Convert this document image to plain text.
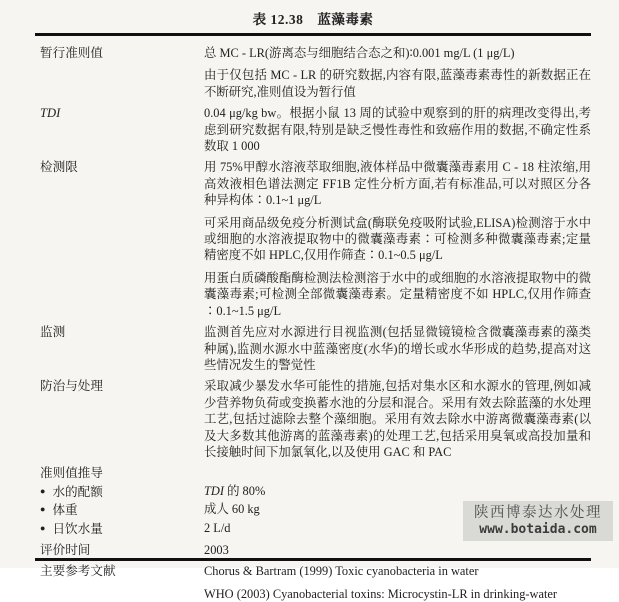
表 12.38　蓝藻毒素
暂行准则值	总 MC - LR(游离态与细胞结合态之和)∶0.001 mg/L (1 μg/L)

由于仅包括 MC - LR 的研究数据,内容有限,蓝藻毒素毒性的新数据正在不断研究,准则值设为暂行值

TDI	0.04 μg/kg bw。根据小鼠 13 周的试验中观察到的肝的病理改变得出,考虑到研究数据有限,特别是缺乏慢性毒性和致癌作用的数据,不确定性系数取 1 000

检测限	用 75%甲醇水溶液萃取细胞,液体样品中微囊藻毒素用 C - 18 柱浓缩,用高效液相色谱法测定 FF1B 定性分析方面,若有标准品,可以对照区分各种异构体∶0.1~1 μg/L

可采用商品级免疫分析测试盒(酶联免疫吸附试验,ELISA)检测溶于水中或细胞的水溶液提取物中的微囊藻毒素∶可检测多种微囊藻毒素;定量精密度不如 HPLC,仅用作筛查∶0.1~0.5 μg/L

用蛋白质磷酸酯酶检测法检测溶于水中的或细胞的水溶液提取物中的微囊藻毒素;可检测全部微囊藻毒素。定量精密度不如 HPLC,仅用作筛查∶0.1~1.5 μg/L

监测	监测首先应对水源进行目视监测(包括显微镜镜检含微囊藻毒素的藻类种属),监测水源水中蓝藻密度(水华)的增长或水华形成的趋势,提高对这些情况发生的警觉性

防治与处理	采取减少暴发水华可能性的措施,包括对集水区和水源水的管理,例如减少营养物负荷或变换蓄水池的分层和混合。采用有效去除蓝藻的水处理工艺,包括过滤除去整个藻细胞。采用有效去除水中游离微囊藻毒素(以及大多数其他游离的蓝藻毒素)的处理工艺,包括采用臭氧或高投加量和长接触时间下加氯氧化,以及使用 GAC 和 PAC

准则值推导
● 水的配额	TDI 的 80%
● 体重	成人 60 kg
● 日饮水量	2 L/d
评价时间	2003

主要参考文献	Chorus & Bartram (1999) Toxic cyanobacteria in water

WHO (2003) Cyanobacterial toxins: Microcystin-LR in drinking-water

陕西博泰达水处理
www.botaida.com
